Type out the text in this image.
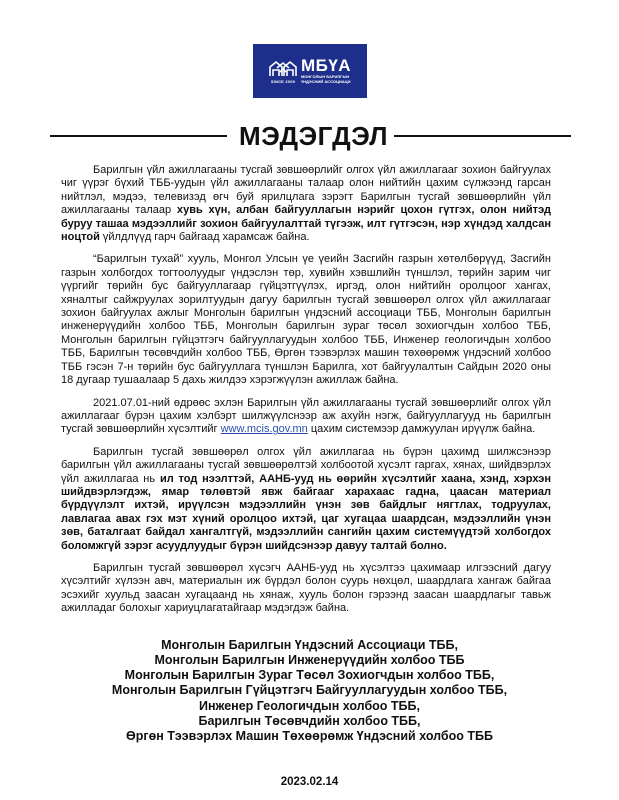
SINCE 2009
МБҮА
МОНГОЛЫН БАРИЛГЫН
ҮНДЭСНИЙ АССОЦИАЦИ
МЭДЭГДЭЛ

Барилгын үйл ажиллагааны тусгай зөвшөөрлийг олгох үйл ажиллагааг зохион байгуулах чиг үүрэг бүхий ТББ-уудын үйл ажиллагааны талаар олон нийтийн цахим сүлжээнд гарсан нийтлэл, мэдээ, телевизэд өгч буй ярилцлага зэрэгт Барилгын тусгай зөвшөөрлийн үйл ажиллагааны талаар хувь хүн, албан байгууллагын нэрийг цохон гүтгэх, олон нийтэд буруу ташаа мэдээллийг зохион байгуулалттай түгээж, илт гүтгэсэн, нэр хүндэд халдсан ноцтой үйлдлүүд гарч байгаад харамсаж байна.

“Барилгын тухай” хууль, Монгол Улсын үе үеийн Засгийн газрын хөтөлбөрүүд, Засгийн газрын холбогдох тогтоолуудыг үндэслэн төр, хувийн хэвшлийн түншлэл, төрийн зарим чиг үүргийг төрийн бус байгууллагаар гүйцэтгүүлэх, иргэд, олон нийтийн оролцоог хангах, хяналтыг сайжруулах зорилтуудын дагуу барилгын тусгай зөвшөөрөл олгох үйл ажиллагааг зохион байгуулах ажлыг Монголын барилгын үндэсний ассоциаци ТББ, Монголын барилгын инженерүүдийн холбоо ТББ, Монголын барилгын зураг төсөл зохиогчдын холбоо ТББ, Монголын барилгын гүйцэтгэгч байгууллагуудын холбоо ТББ, Инженер геологичдын холбоо ТББ, Барилгын төсөвчдийн холбоо ТББ, Өргөн тээвэрлэх машин төхөөрөмж үндэсний холбоо ТББ гэсэн 7-н төрийн бус байгууллага түншлэн Барилга, хот байгуулалтын Сайдын 2020 оны 18 дугаар тушаалаар 5 дахь жилдээ хэрэгжүүлэн ажиллаж байна.

2021.07.01-ний өдрөөс эхлэн Барилгын үйл ажиллагааны тусгай зөвшөөрлийг олгох үйл ажиллагааг бүрэн цахим хэлбэрт шилжүүлснээр аж ахуйн нэгж, байгууллагууд нь барилгын тусгай зөвшөөрлийн хүсэлтийг www.mcis.gov.mn цахим системээр дамжуулан ирүүлж байна.

Барилгын тусгай зөвшөөрөл олгох үйл ажиллагаа нь бүрэн цахимд шилжсэнээр барилгын үйл ажиллагааны тусгай зөвшөөрөлтэй холбоотой хүсэлт гаргах, хянах, шийдвэрлэх үйл ажиллагаа нь ил тод нээлттэй, ААНБ-ууд нь өөрийн хүсэлтийг хаана, хэнд, хэрхэн шийдвэрлэгдэж, ямар төлөвтэй явж байгааг харахаас гадна, цаасан материал бүрдүүлэлт ихтэй, ирүүлсэн мэдээллийн үнэн зөв байдлыг нягтлах, тодруулах, лавлагаа авах гэх мэт хүний оролцоо ихтэй, цаг хугацаа шаардсан, мэдээллийн үнэн зөв, баталгаат байдал хангалтгүй, мэдээллийн сангийн цахим системүүдтэй холбогдох боломжгүй зэрэг асуудлуудыг бүрэн шийдсэнээр давуу талтай болно.

Барилгын тусгай зөвшөөрөл хүсэгч ААНБ-ууд нь хүсэлтээ цахимаар илгээсний дагуу хүсэлтийг хүлээн авч, материалын иж бүрдэл болон суурь нөхцөл, шаардлага хангаж байгаа эсэхийг хуульд заасан хугацаанд нь хянаж, хууль болон гэрээнд заасан шаардлагыг тавьж ажилладаг болохыг хариуцлагатайгаар мэдэгдэж байна.

Монголын Барилгын Үндэсний Ассоциаци ТББ,
Монголын Барилгын Инженерүүдийн холбоо ТББ
Монголын Барилгын Зураг Төсөл Зохиогчдын холбоо ТББ,
Монголын Барилгын Гүйцэтгэгч Байгууллагуудын холбоо ТББ,
Инженер Геологичдын холбоо ТББ,
Барилгын Төсөвчдийн холбоо ТББ,
Өргөн Тээвэрлэх Машин Төхөөрөмж Үндэсний холбоо ТББ
2023.02.14
